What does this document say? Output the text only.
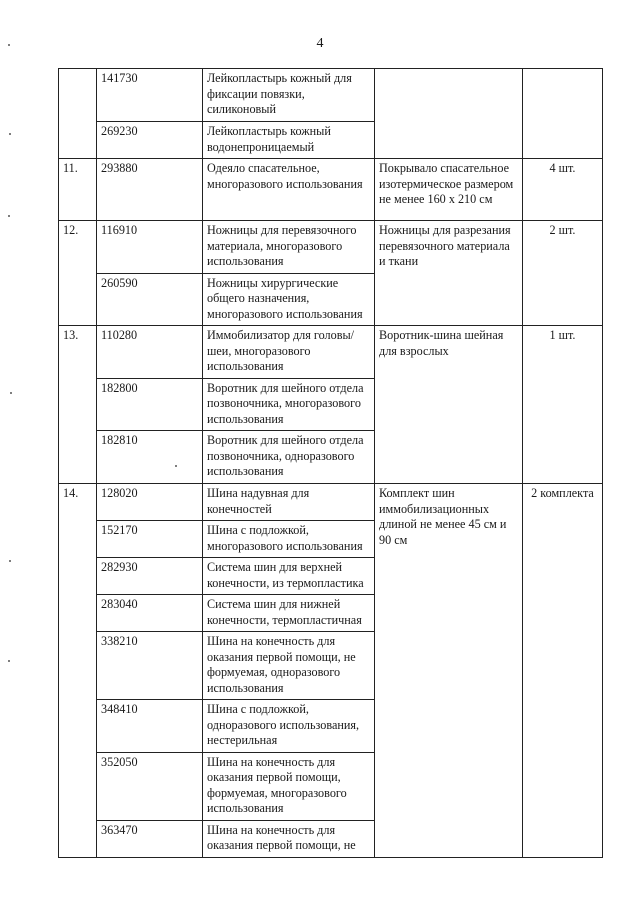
4
	141730	Лейкопластырь кожный для фиксации повязки, силиконовый		
	269230	Лейкопластырь кожный водонепроницаемый		
11.	293880	Одеяло спасательное, многоразового использования	Покрывало спасательное изотермическое размером не менее 160 х 210 см	4 шт.
12.	116910	Ножницы для перевязочного материала, многоразового использования	Ножницы для разрезания перевязочного материала и ткани	2 шт.
	260590	Ножницы хирургические общего назначения, многоразового использования		
13.	110280	Иммобилизатор для головы/шеи, многоразового использования	Воротник-шина шейная для взрослых	1 шт.
	182800	Воротник для шейного отдела позвоночника, многоразового использования		
	182810	Воротник для шейного отдела позвоночника, одноразового использования		
14.	128020	Шина надувная для конечностей	Комплект шин иммобилизационных длиной не менее 45 см и 90 см	2 комплекта
	152170	Шина с подложкой, многоразового использования		
	282930	Система шин для верхней конечности, из термопластика		
	283040	Система шин для нижней конечности, термопластичная		
	338210	Шина на конечность для оказания первой помощи, не формуемая, одноразового использования		
	348410	Шина с подложкой, одноразового использования, нестерильная		
	352050	Шина на конечность для оказания первой помощи, формуемая, многоразового использования		
	363470	Шина на конечность для оказания первой помощи, не		
